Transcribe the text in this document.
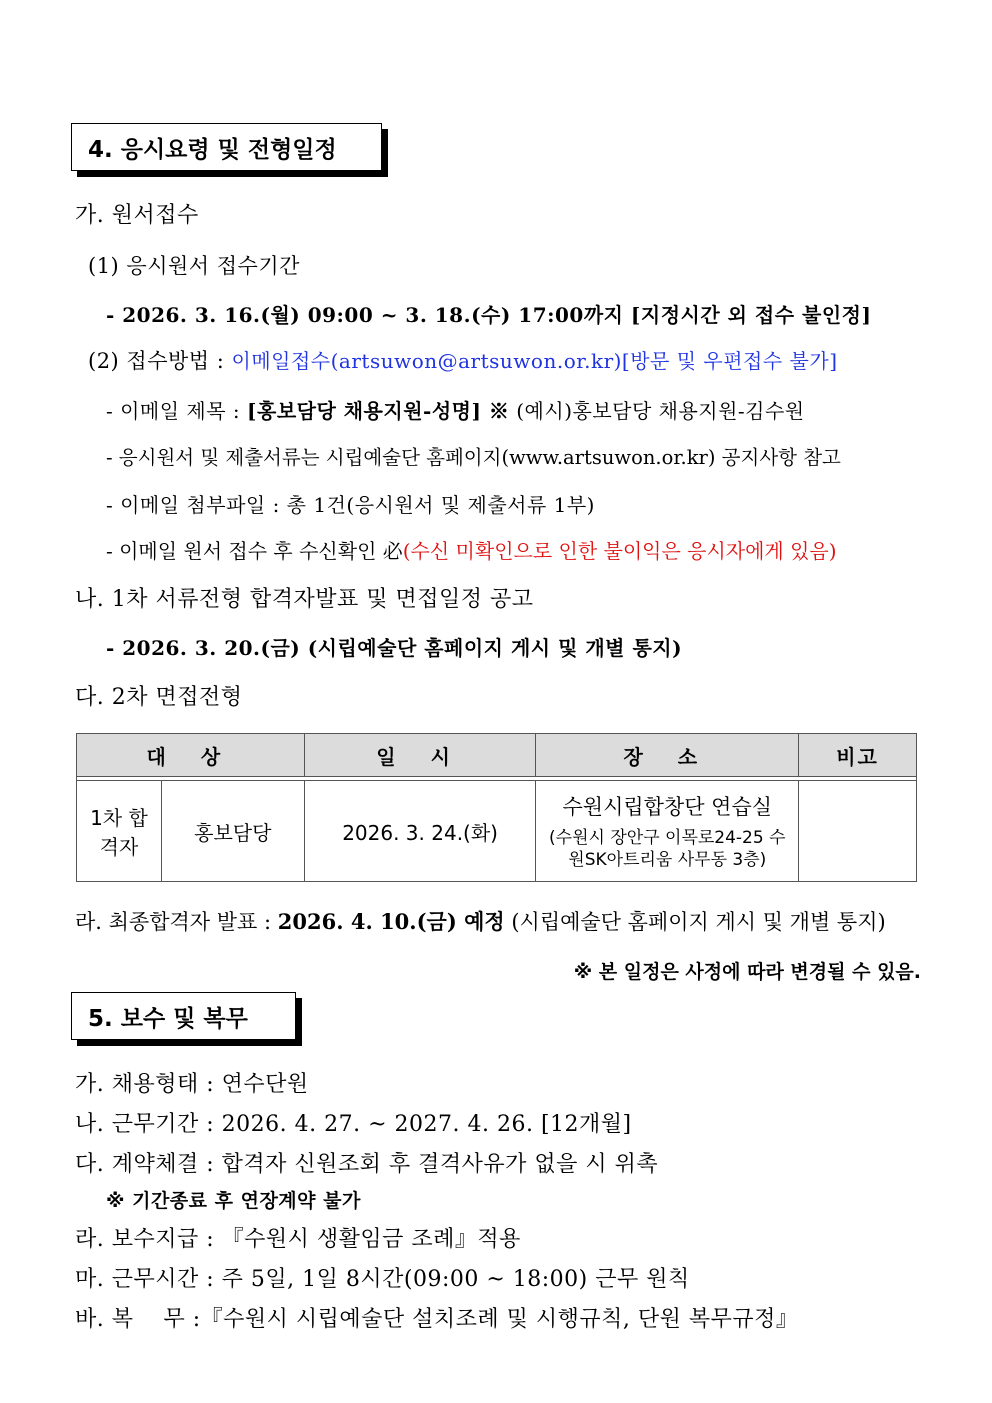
4. 응시요령 및 전형일정
가. 원서접수
(1) 응시원서 접수기간
- 2026. 3. 16.(월) 09:00 ~ 3. 18.(수) 17:00까지 [지정시간 외 접수 불인정]
(2) 접수방법 : 이메일접수(artsuwon@artsuwon.or.kr)[방문 및 우편접수 불가]
- 이메일 제목 : [홍보담당 채용지원-성명] ※ (예시)홍보담당 채용지원-김수원
- 응시원서 및 제출서류는 시립예술단 홈페이지(www.artsuwon.or.kr) 공지사항 참고
- 이메일 첨부파일 : 총 1건(응시원서 및 제출서류 1부)
- 이메일 원서 접수 후 수신확인 必(수신 미확인으로 인한 불이익은 응시자에게 있음)
나. 1차 서류전형 합격자발표 및 면접일정 공고
- 2026. 3. 20.(금) (시립예술단 홈페이지 게시 및 개별 통지)
다. 2차 면접전형
대 상		일 시	장 소	비고

1차 합격자	홍보담당	2026. 3. 24.(화)	수원시립합창단 연습실
(수원시 장안구 이목로24-25 수원SK아트리움 사무동 3층)	

라. 최종합격자 발표 : 2026. 4. 10.(금) 예정 (시립예술단 홈페이지 게시 및 개별 통지)
※ 본 일정은 사정에 따라 변경될 수 있음.
5. 보수 및 복무
가. 채용형태 : 연수단원
나. 근무기간 : 2026. 4. 27. ~ 2027. 4. 26. [12개월]
다. 계약체결 : 합격자 신원조회 후 결격사유가 없을 시 위촉
※ 기간종료 후 연장계약 불가
라. 보수지급 : 『수원시 생활임금 조례』적용
마. 근무시간 : 주 5일, 1일 8시간(09:00 ~ 18:00) 근무 원칙
바. 복    무 :『수원시 시립예술단 설치조례 및 시행규칙, 단원 복무규정』
